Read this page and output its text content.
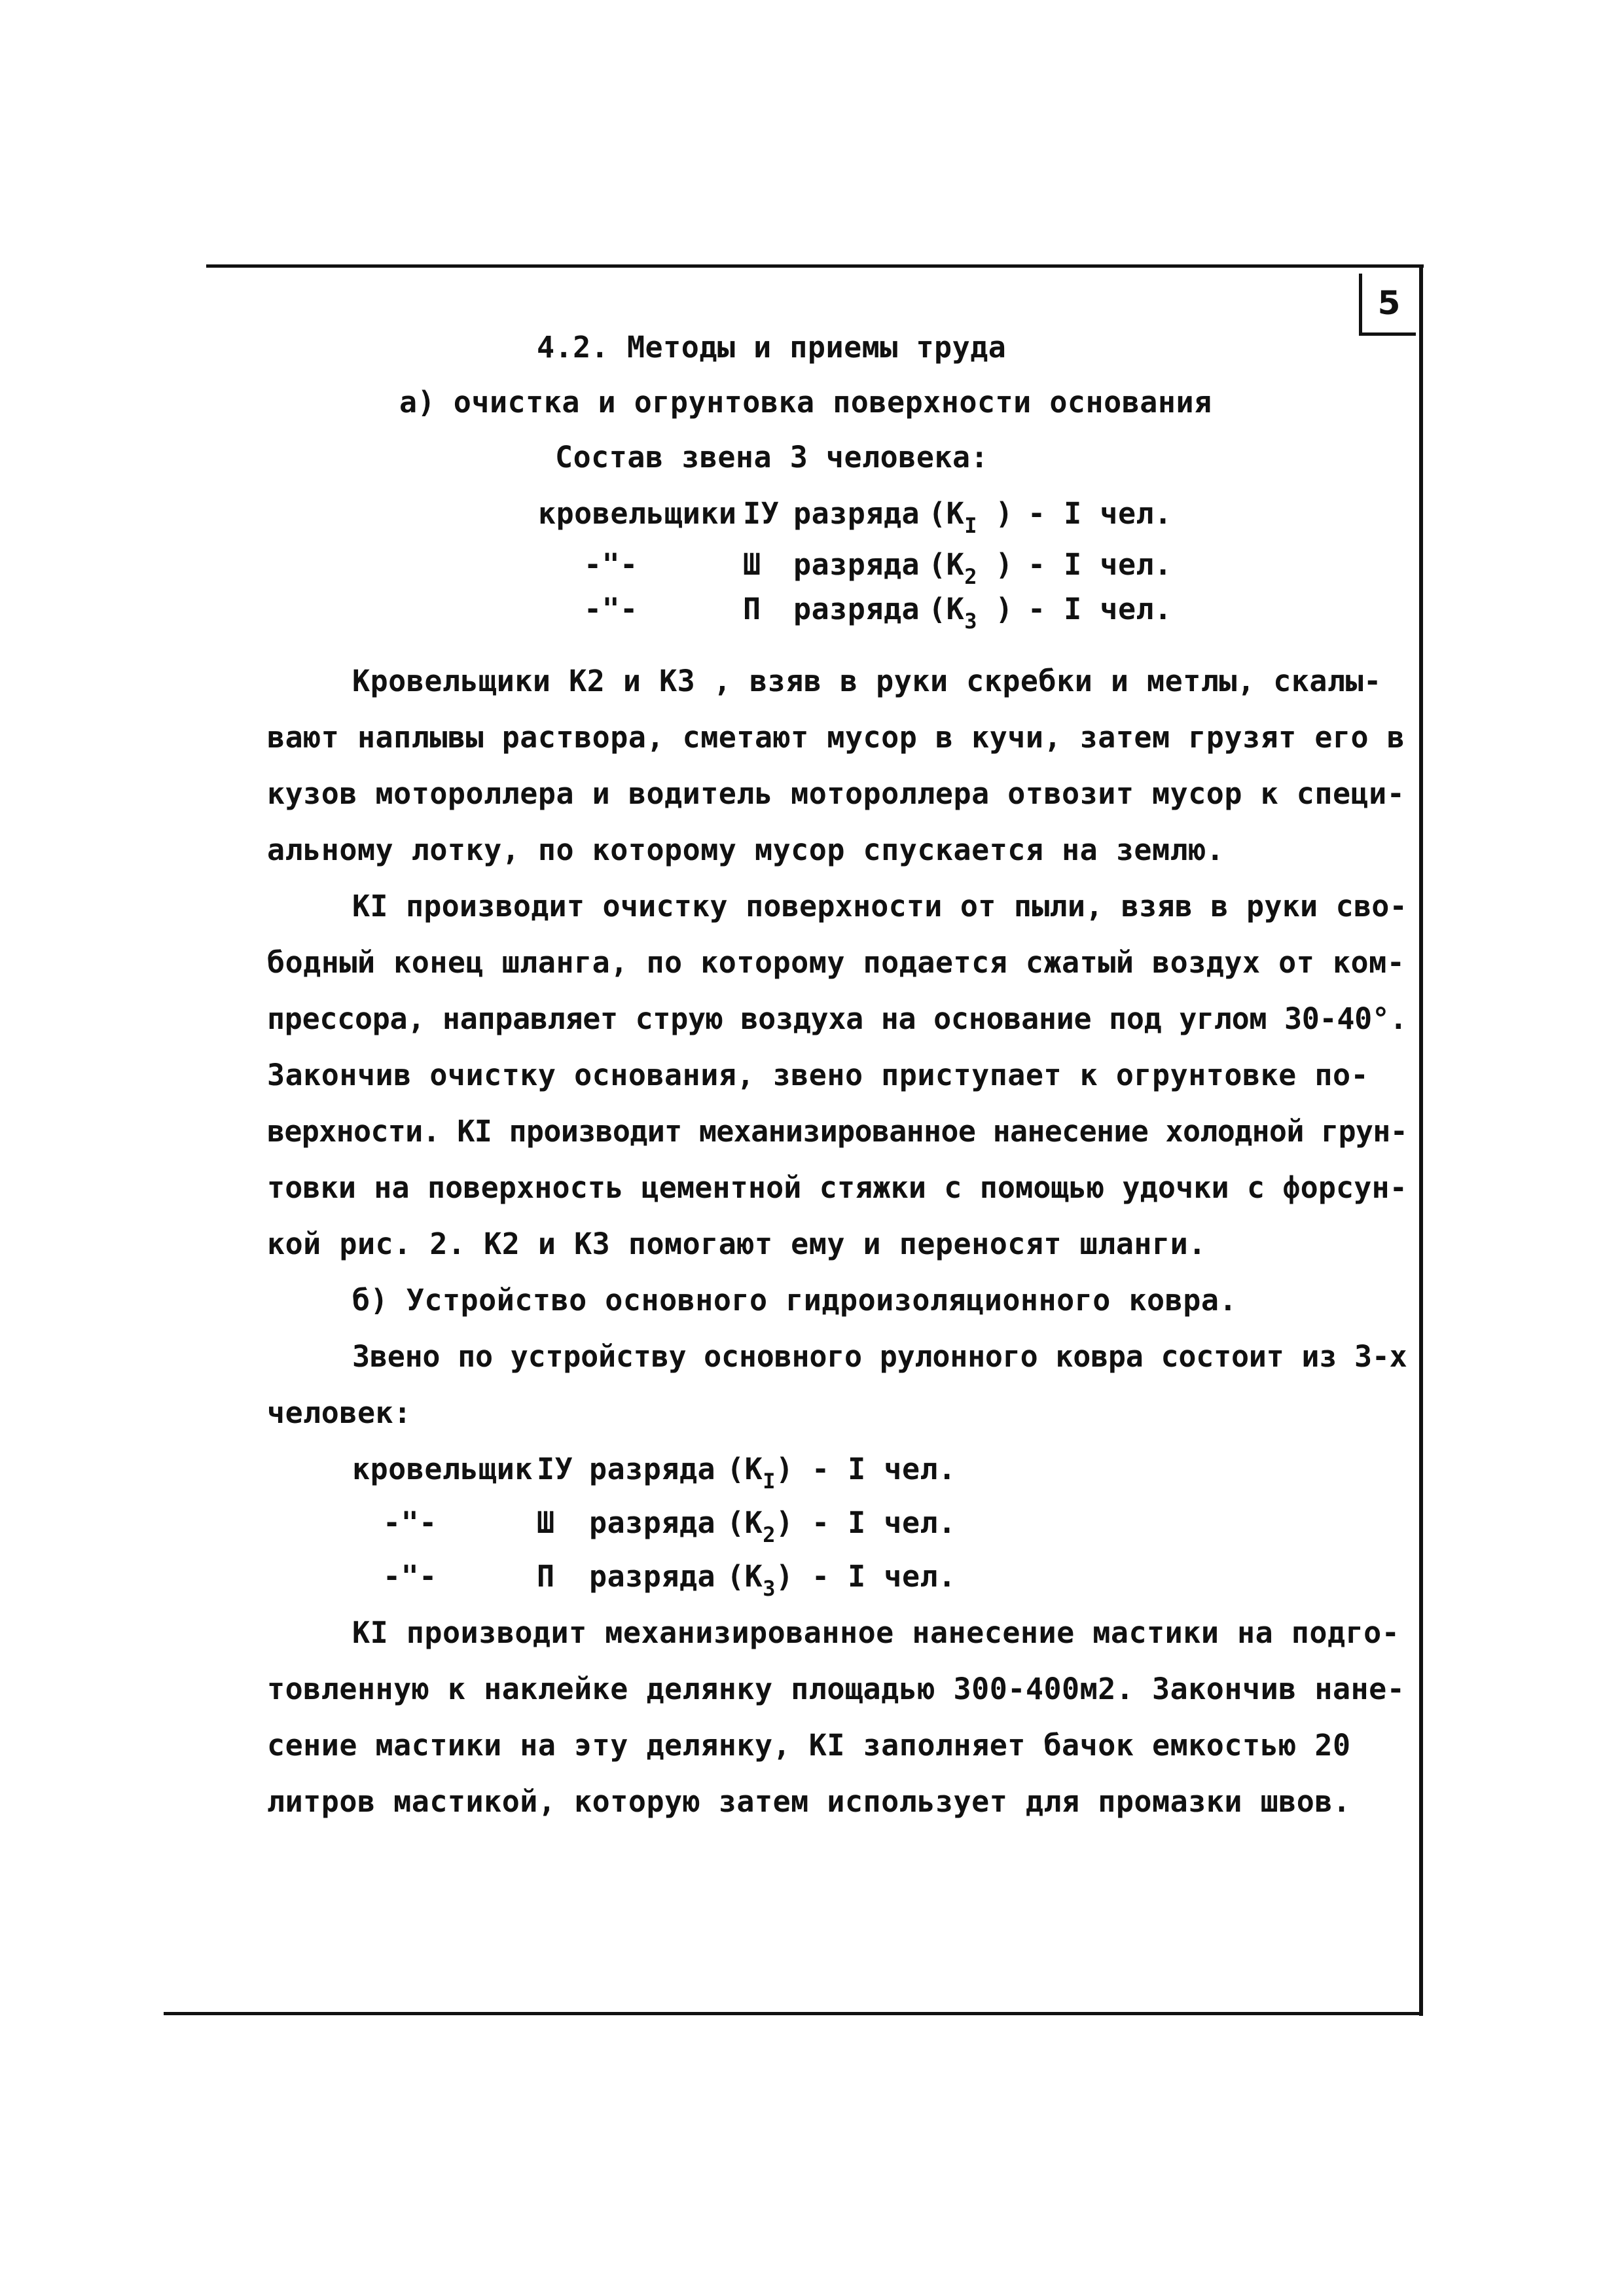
5
4.2. Методы и приемы труда
а) очистка и огрунтовка поверхности основания
Состав звена 3 человека:
кровельщики IУ разряда ($К_I$ ) - I чел.
-"-	Ш разряда ($К_2$ ) - I чел.
-"-	П разряда ($К_3$ ) - I чел.
Кровельщики К2 и К3 , взяв в руки скребки и метлы, скалы-
вают наплывы раствора, сметают мусор в кучи, затем грузят его в
кузов мотороллера и водитель мотороллера отвозит мусор к специ-
альному лотку, по которому мусор спускается на землю.
КI производит очистку поверхности от пыли, взяв в руки сво-
бодный конец шланга, по которому подается сжатый воздух от ком-
прессора, направляет струю воздуха на основание под углом 30-40°.
Закончив очистку основания, звено приступает к огрунтовке по-
верхности. КI производит механизированное нанесение холодной грун-
товки на поверхность цементной стяжки с помощью удочки с форсун-
кой рис. 2. К2 и К3 помогают ему и переносят шланги.
б) Устройство основного гидроизоляционного ковра.
Звено по устройству основного рулонного ковра состоит из 3-х
человек:
кровельщик IУ разряда $(К_I)$ - I чел.
-"-	Ш разряда $(К_2)$ - I чел.
-"-	П разряда $(К_3)$ - I чел.
КI производит механизированное нанесение мастики на подго-
товленную к наклейке делянку площадью 300-400м2. Закончив нане-
сение мастики на эту делянку, КI заполняет бачок емкостью 20
литров мастикой, которую затем использует для промазки швов.
